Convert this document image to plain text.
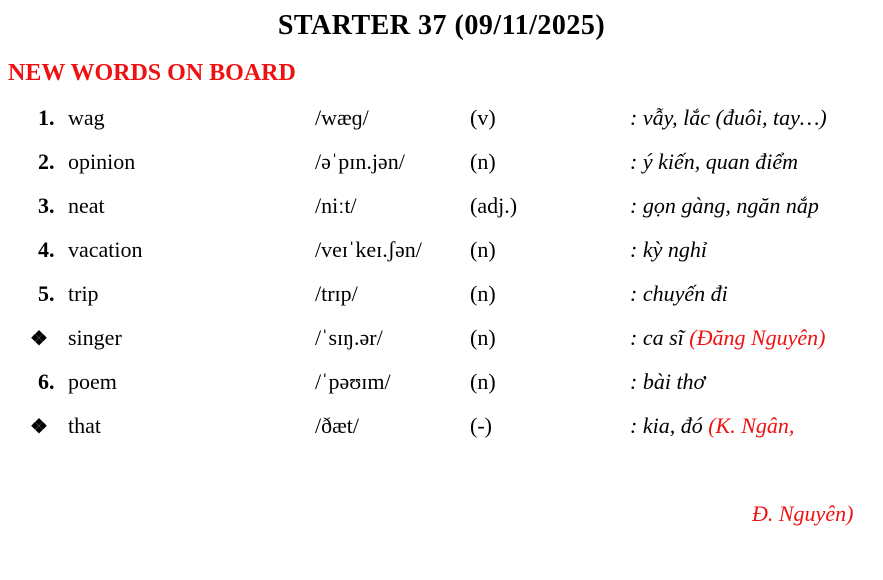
STARTER 37 (09/11/2025)
NEW WORDS ON BOARD
1. wag	/wæɡ/	(v)	: vẫy, lắc (đuôi, tay…)
2. opinion	/əˈpɪn.jən/	(n)	: ý kiến, quan điểm
3. neat	/niːt/	(adj.)	: gọn gàng, ngăn nắp
4. vacation	/veɪˈkeɪ.ʃən/	(n)	: kỳ nghỉ
5. trip	/trɪp/	(n)	: chuyến đi
❖ singer	/ˈsɪŋ.ər/	(n)	: ca sĩ (Đăng Nguyên)
6. poem	/ˈpəʊɪm/	(n)	: bài thơ
❖ that	/ðæt/	(-)	: kia, đó (K. Ngân,

Đ. Nguyên)
